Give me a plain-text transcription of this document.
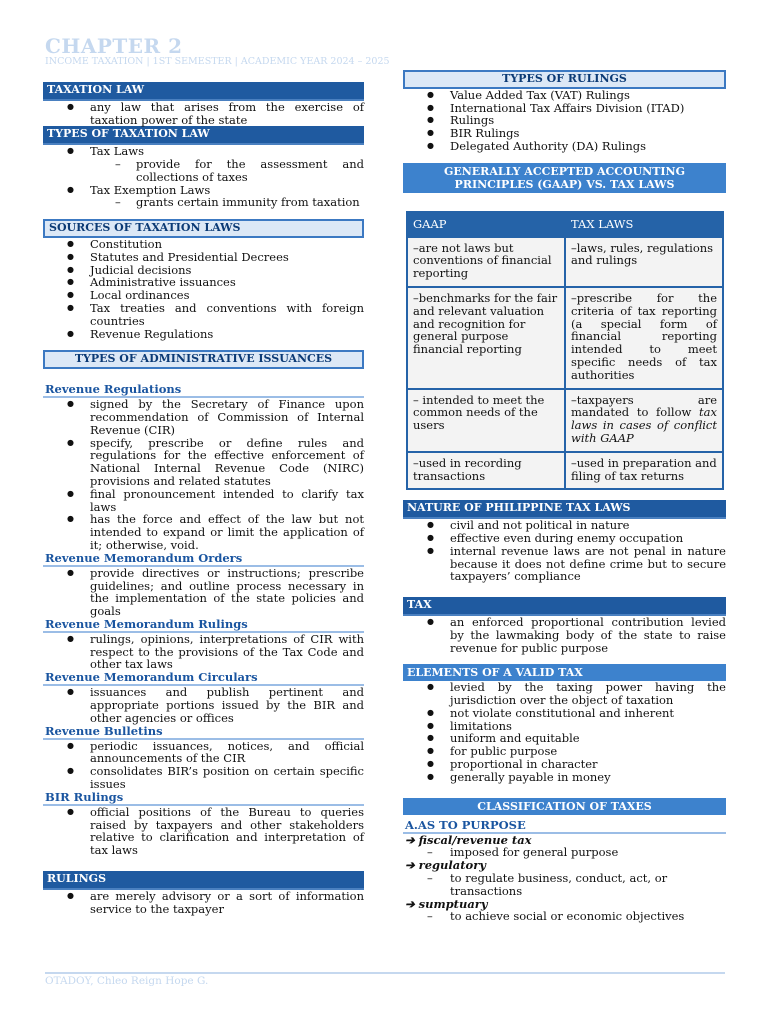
CHAPTER 2
INCOME TAXATION | 1ST SEMESTER | ACADEMIC YEAR 2024 – 2025
TAXATION LAW
● any law that arises from the exercise of taxation power of the state
TYPES OF TAXATION LAW
● Tax Laws
– provide for the assessment and collections of taxes
● Tax Exemption Laws
– grants certain immunity from taxation
SOURCES OF TAXATION LAWS
● Constitution
● Statutes and Presidential Decrees
● Judicial decisions
● Administrative issuances
● Local ordinances
● Tax treaties and conventions with foreign countries
● Revenue Regulations
TYPES OF ADMINISTRATIVE ISSUANCES
Revenue Regulations
● signed by the Secretary of Finance upon recommendation of Commission of Internal Revenue (CIR)
● specify, prescribe or define rules and regulations for the effective enforcement of National Internal Revenue Code (NIRC) provisions and related statutes
● final pronouncement intended to clarify tax laws
● has the force and effect of the law but not intended to expand or limit the application of it; otherwise, void.
Revenue Memorandum Orders
● provide directives or instructions; prescribe guidelines; and outline process necessary in the implementation of the state policies and goals
Revenue Memorandum Rulings
● rulings, opinions, interpretations of CIR with respect to the provisions of the Tax Code and other tax laws
Revenue Memorandum Circulars
● issuances and publish pertinent and appropriate portions issued by the BIR and other agencies or offices
Revenue Bulletins
● periodic issuances, notices, and official announcements of the CIR
● consolidates BIR’s position on certain specific issues
BIR Rulings
● official positions of the Bureau to queries raised by taxpayers and other stakeholders relative to clarification and interpretation of tax laws
RULINGS
● are merely advisory or a sort of information service to the taxpayer
TYPES OF RULINGS
● Value Added Tax (VAT) Rulings
● International Tax Affairs Division (ITAD)
● Rulings
● BIR Rulings
● Delegated Authority (DA) Rulings
GENERALLY ACCEPTED ACCOUNTING PRINCIPLES (GAAP) VS. TAX LAWS
GAAP	TAX LAWS
–are not laws but conventions of financial reporting	–laws, rules, regulations and rulings
–benchmarks for the fair and relevant valuation and recognition for general purpose financial reporting	–prescribe for the criteria of tax reporting (a special form of financial reporting intended to meet specific needs of tax authorities
– intended to meet the common needs of the users	–taxpayers are mandated to follow tax laws in cases of conflict with GAAP
–used in recording transactions	–used in preparation and filing of tax returns
NATURE OF PHILIPPINE TAX LAWS
● civil and not political in nature
● effective even during enemy occupation
● internal revenue laws are not penal in nature because it does not define crime but to secure taxpayers’ compliance
TAX
● an enforced proportional contribution levied by the lawmaking body of the state to raise revenue for public purpose
ELEMENTS OF A VALID TAX
● levied by the taxing power having the jurisdiction over the object of taxation
● not violate constitutional and inherent
● limitations
● uniform and equitable
● for public purpose
● proportional in character
● generally payable in money
CLASSIFICATION OF TAXES
A.AS TO PURPOSE
➔ fiscal/revenue tax
– imposed for general purpose
➔ regulatory
– to regulate business, conduct, act, or transactions
➔ sumptuary
– to achieve social or economic objectives
OTADOY, Chleo Reign Hope G.
